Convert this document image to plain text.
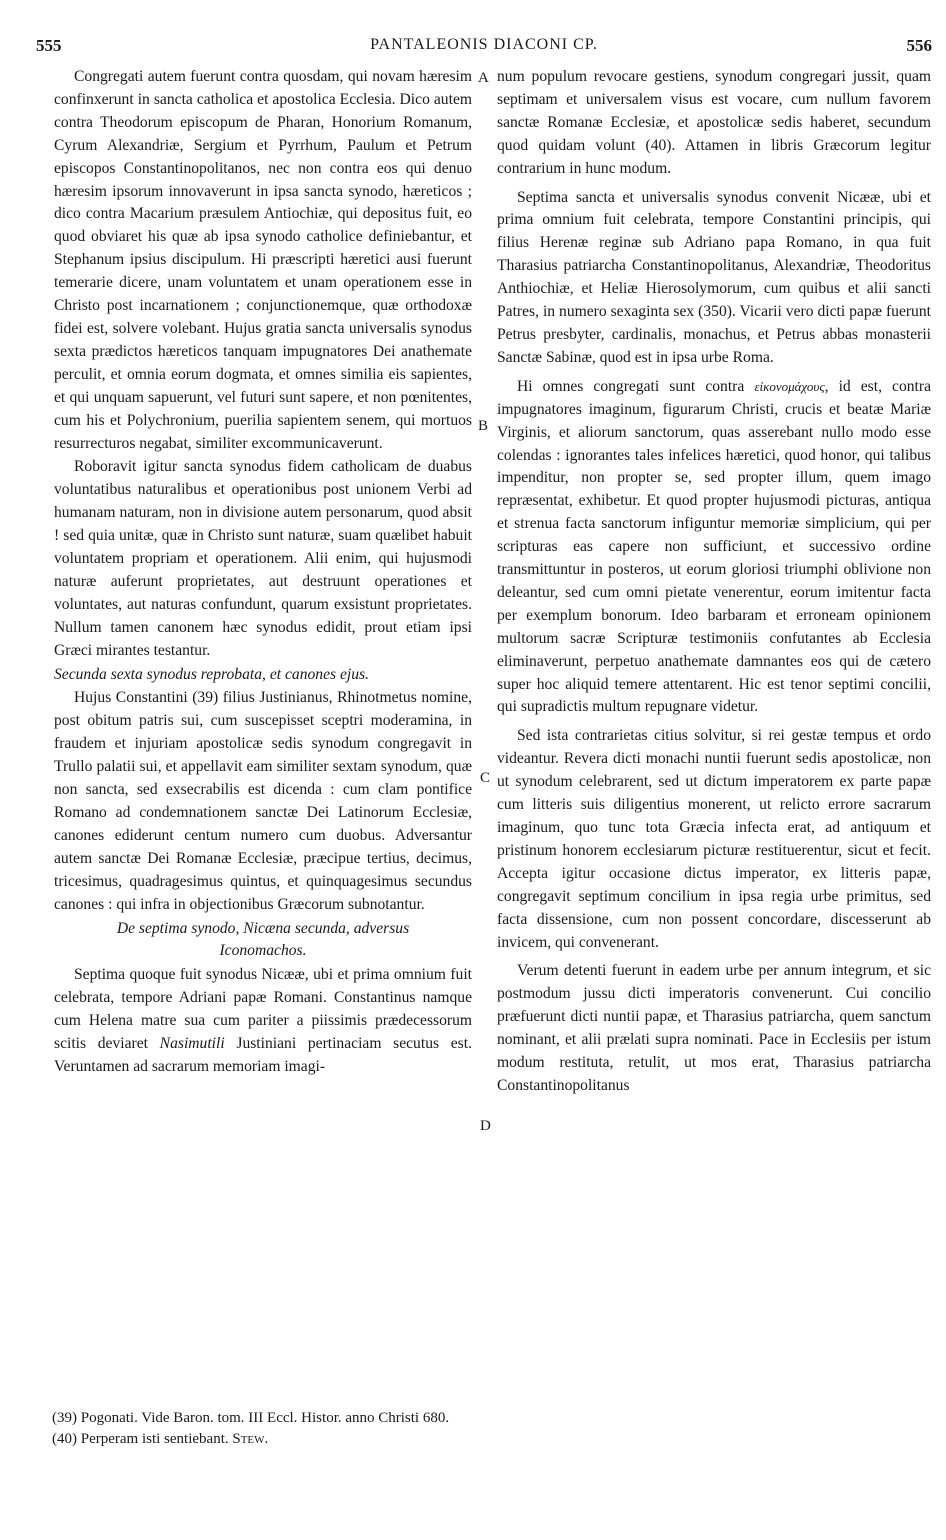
555	PANTALEONIS DIACONI CP.	556

Congregati autem fuerunt contra quosdam, qui novam hæresim confinxerunt in sancta catholica et apostolica Ecclesia. Dico autem contra Theodorum episcopum de Pharan, Honorium Romanum, Cyrum Alexandriæ, Sergium et Pyrrhum, Paulum et Petrum episcopos Constantinopolitanos, nec non contra eos qui denuo hæresim ipsorum innovaverunt in ipsa sancta synodo, hæreticos ; dico contra Macarium præsulem Antiochiæ, qui depositus fuit, eo quod obviaret his quæ ab ipsa synodo catholice definiebantur, et Stephanum ipsius discipulum. Hi præscripti hæretici ausi fuerunt temerarie dicere, unam voluntatem et unam operationem esse in Christo post incarnationem ; conjunctionemque, quæ orthodoxæ fidei est, solvere volebant. Hujus gratia sancta universalis synodus sexta prædictos hæreticos tanquam impugnatores Dei anathemate perculit, et omnia eorum dogmata, et omnes similia eis sapientes, et qui unquam sapuerunt, vel futuri sunt sapere, et non pœnitentes, cum his et Polychronium, puerilia sapientem senem, qui mortuos resurrecturos negabat, similiter excommunicaverunt.

Roboravit igitur sancta synodus fidem catholicam de duabus voluntatibus naturalibus et operationibus post unionem Verbi ad humanam naturam, non in divisione autem personarum, quod absit ! sed quia unitæ, quæ in Christo sunt naturæ, suam quælibet habuit voluntatem propriam et operationem. Alii enim, qui hujusmodi naturæ auferunt proprietates, aut destruunt operationes et voluntates, aut naturas confundunt, quarum exsistunt proprietates. Nullum tamen canonem hæc synodus edidit, prout etiam ipsi Græci mirantes testantur.

Secunda sexta synodus reprobata, et canones ejus.

Hujus Constantini (39) filius Justinianus, Rhinotmetus nomine, post obitum patris sui, cum suscepisset sceptri moderamina, in fraudem et injuriam apostolicæ sedis synodum congregavit in Trullo palatii sui, et appellavit eam similiter sextam synodum, quæ non sancta, sed exsecrabilis est dicenda : cum clam pontifice Romano ad condemnationem sanctæ Dei Latinorum Ecclesiæ, canones ediderunt centum numero cum duobus. Adversantur autem sanctæ Dei Romanæ Ecclesiæ, præcipue tertius, decimus, tricesimus, quadragesimus quintus, et quinquagesimus secundus canones : qui infra in objectionibus Græcorum subnotantur.

De septima synodo, Nicæna secunda, adversus
Iconomachos.

Septima quoque fuit synodus Nicææ, ubi et prima omnium fuit celebrata, tempore Adriani papæ Romani. Constantinus namque cum Helena matre sua cum pariter a piissimis prædecessorum scitis deviaret Nasimutili Justiniani pertinaciam secutus est. Veruntamen ad sacrarum memoriam imagi-

A
B
C
D

num populum revocare gestiens, synodum congregari jussit, quam septimam et universalem visus est vocare, cum nullum favorem sanctæ Romanæ Ecclesiæ, et apostolicæ sedis haberet, secundum quod quidam volunt (40). Attamen in libris Græcorum legitur contrarium in hunc modum.

Septima sancta et universalis synodus convenit Nicææ, ubi et prima omnium fuit celebrata, tempore Constantini principis, qui filius Herenæ reginæ sub Adriano papa Romano, in qua fuit Tharasius patriarcha Constantinopolitanus, Alexandriæ, Theodoritus Anthiochiæ, et Heliæ Hierosolymorum, cum quibus et alii sancti Patres, in numero sexaginta sex (350). Vicarii vero dicti papæ fuerunt Petrus presbyter, cardinalis, monachus, et Petrus abbas monasterii Sanctæ Sabinæ, quod est in ipsa urbe Roma.

Hi omnes congregati sunt contra εἰκονομάχους, id est, contra impugnatores imaginum, figurarum Christi, crucis et beatæ Mariæ Virginis, et aliorum sanctorum, quas asserebant nullo modo esse colendas : ignorantes tales infelices hæretici, quod honor, qui talibus impenditur, non propter se, sed propter illum, quem imago repræsentat, exhibetur. Et quod propter hujusmodi picturas, antiqua et strenua facta sanctorum infiguntur memoriæ simplicium, qui per scripturas eas capere non sufficiunt, et successivo ordine transmittuntur in posteros, ut eorum gloriosi triumphi oblivione non deleantur, sed cum omni pietate venerentur, eorum imitentur facta per exemplum bonorum. Ideo barbaram et erroneam opinionem multorum sacræ Scripturæ testimoniis confutantes ab Ecclesia eliminaverunt, perpetuo anathemate damnantes eos qui de cætero super hoc aliquid temere attentarent. Hic est tenor septimi concilii, qui supradictis multum repugnare videtur.

Sed ista contrarietas citius solvitur, si rei gestæ tempus et ordo videantur. Revera dicti monachi nuntii fuerunt sedis apostolicæ, non ut synodum celebrarent, sed ut dictum imperatorem ex parte papæ cum litteris suis diligentius monerent, ut relicto errore sacrarum imaginum, quo tunc tota Græcia infecta erat, ad antiquum et pristinum honorem ecclesiarum picturæ restituerentur, sicut et fecit. Accepta igitur occasione dictus imperator, ex litteris papæ, congregavit septimum concilium in ipsa regia urbe primitus, sed facta dissensione, cum non possent concordare, discesserunt ab invicem, qui convenerant.

Verum detenti fuerunt in eadem urbe per annum integrum, et sic postmodum jussu dicti imperatoris convenerunt. Cui concilio præfuerunt dicti nuntii papæ, et Tharasius patriarcha, quem sanctum nominant, et alii prælati supra nominati. Pace in Ecclesiis per istum modum restituta, retulit, ut mos erat, Tharasius patriarcha Constantinopolitanus

(39) Pogonati. Vide Baron. tom. III Eccl. Histor. anno Christi 680.
(40) Perperam isti sentiebant. Stew.
